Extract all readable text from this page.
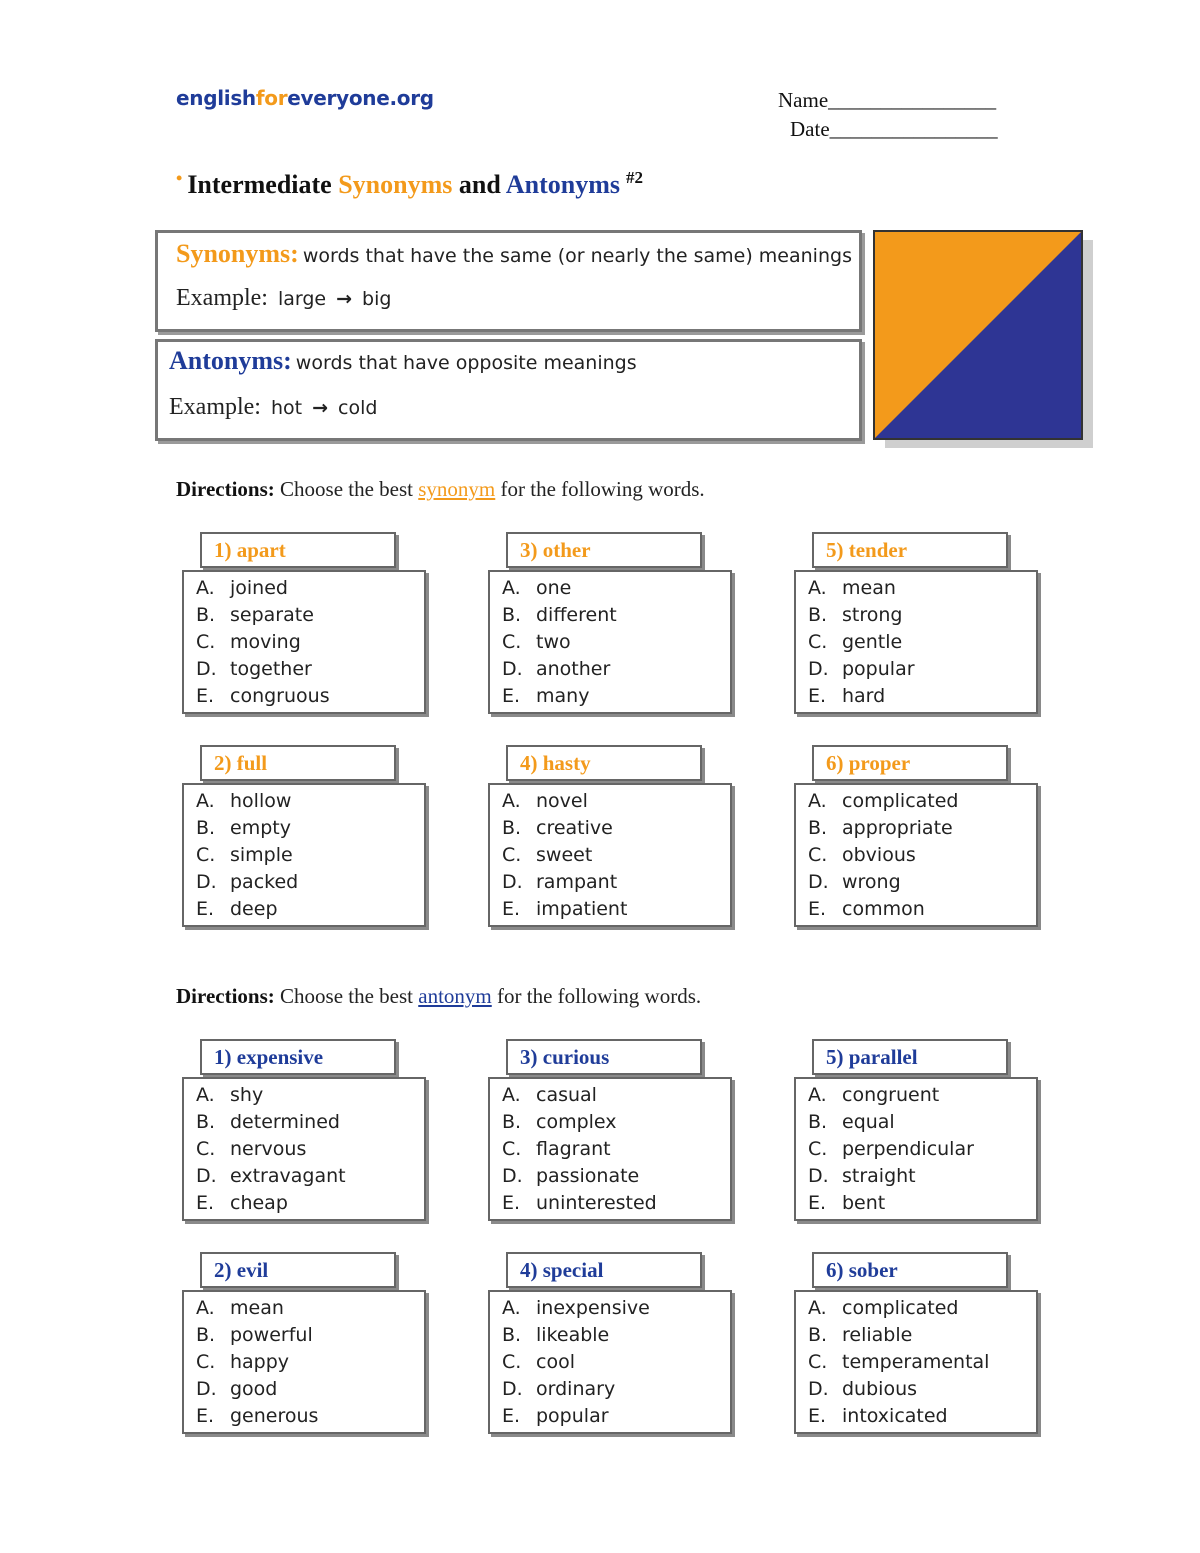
englishforeveryone.org	Name________________
Date________________
• Intermediate Synonyms and Antonyms $^{\#2}$
Synonyms: words that have the same (or nearly the same) meanings
Example: large → big
Antonyms: words that have opposite meanings
Example: hot → cold
Directions: Choose the best synonym for the following words.
Directions: Choose the best antonym for the following words.
1) apart
A. joined
B. separate
C. moving
D. together
E. congruous
2) full
A. hollow
B. empty
C. simple
D. packed
E. deep
3) other
A. one
B. different
C. two
D. another
E. many
4) hasty
A. novel
B. creative
C. sweet
D. rampant
E. impatient
5) tender
A. mean
B. strong
C. gentle
D. popular
E. hard
6) proper
A. complicated
B. appropriate
C. obvious
D. wrong
E. common
1) expensive
A. shy
B. determined
C. nervous
D. extravagant
E. cheap
2) evil
A. mean
B. powerful
C. happy
D. good
E. generous
3) curious
A. casual
B. complex
C. flagrant
D. passionate
E. uninterested
4) special
A. inexpensive
B. likeable
C. cool
D. ordinary
E. popular
5) parallel
A. congruent
B. equal
C. perpendicular
D. straight
E. bent
6) sober
A. complicated
B. reliable
C. temperamental
D. dubious
E. intoxicated
